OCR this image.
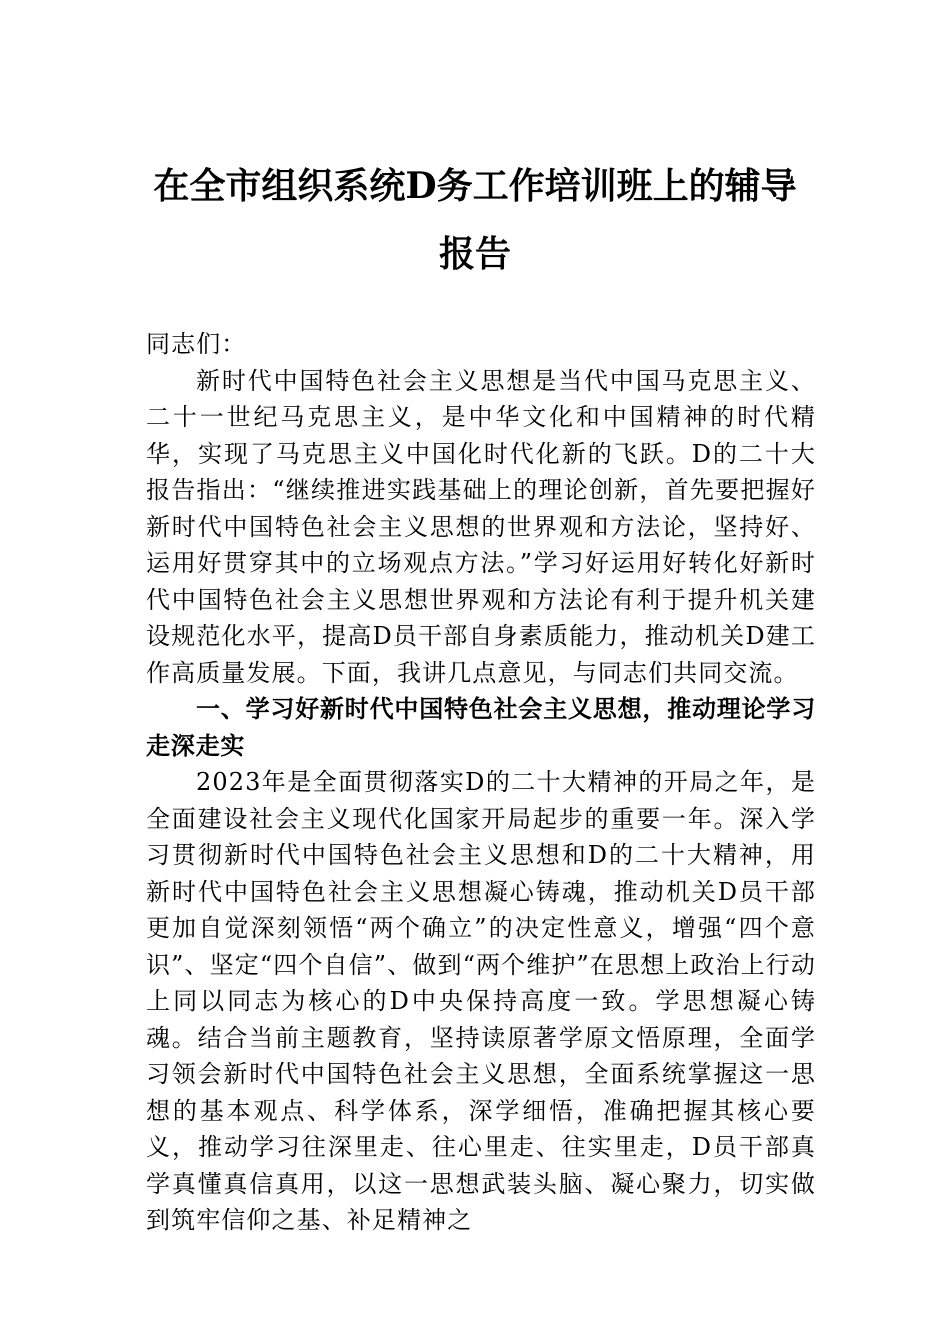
在全市组织系统D务工作培训班上的辅导
报告

同志们：

新时代中国特色社会主义思想是当代中国马克思主义、二十一世纪马克思主义，是中华文化和中国精神的时代精华，实现了马克思主义中国化时代化新的飞跃。D的二十大报告指出：“继续推进实践基础上的理论创新，首先要把握好新时代中国特色社会主义思想的世界观和方法论，坚持好、运用好贯穿其中的立场观点方法。”学习好运用好转化好新时代中国特色社会主义思想世界观和方法论有利于提升机关建设规范化水平，提高D员干部自身素质能力，推动机关D建工作高质量发展。下面，我讲几点意见，与同志们共同交流。

一、学习好新时代中国特色社会主义思想，推动理论学习走深走实

2023年是全面贯彻落实D的二十大精神的开局之年，是全面建设社会主义现代化国家开局起步的重要一年。深入学习贯彻新时代中国特色社会主义思想和D的二十大精神，用新时代中国特色社会主义思想凝心铸魂，推动机关D员干部更加自觉深刻领悟“两个确立”的决定性意义，增强“四个意识”、坚定“四个自信”、做到“两个维护”在思想上政治上行动上同以同志为核心的D中央保持高度一致。学思想凝心铸魂。结合当前主题教育，坚持读原著学原文悟原理，全面学习领会新时代中国特色社会主义思想，全面系统掌握这一思想的基本观点、科学体系，深学细悟，准确把握其核心要义，推动学习往深里走、往心里走、往实里走，D员干部真学真懂真信真用，以这一思想武装头脑、凝心聚力，切实做到筑牢信仰之基、补足精神之
